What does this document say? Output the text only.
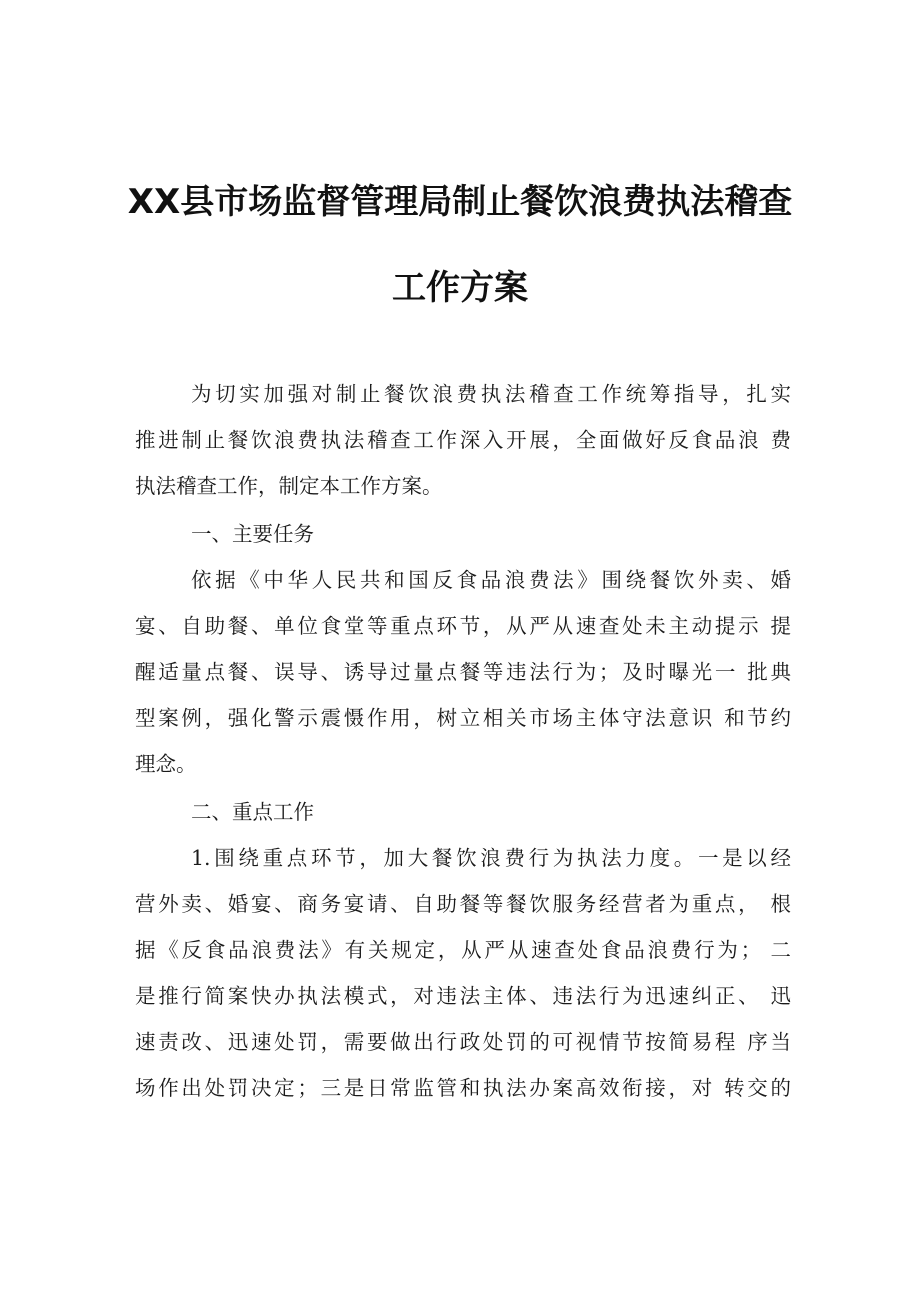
XX县市场监督管理局制止餐饮浪费执法稽查
工作方案
为切实加强对制止餐饮浪费执法稽查工作统筹指导，扎实
推进制止餐饮浪费执法稽查工作深入开展，全面做好反食品浪 费
执法稽查工作，制定本工作方案。
一、主要任务
依据《中华人民共和国反食品浪费法》围绕餐饮外卖、婚
宴、自助餐、单位食堂等重点环节，从严从速查处未主动提示 提
醒适量点餐、误导、诱导过量点餐等违法行为；及时曝光一 批典
型案例，强化警示震慑作用，树立相关市场主体守法意识 和节约
理念。
二、重点工作
1.围绕重点环节，加大餐饮浪费行为执法力度。一是以经
营外卖、婚宴、商务宴请、自助餐等餐饮服务经营者为重点， 根
据《反食品浪费法》有关规定，从严从速查处食品浪费行为； 二
是推行简案快办执法模式，对违法主体、违法行为迅速纠正、 迅
速责改、迅速处罚，需要做出行政处罚的可视情节按简易程 序当
场作出处罚决定；三是日常监管和执法办案高效衔接，对 转交的
